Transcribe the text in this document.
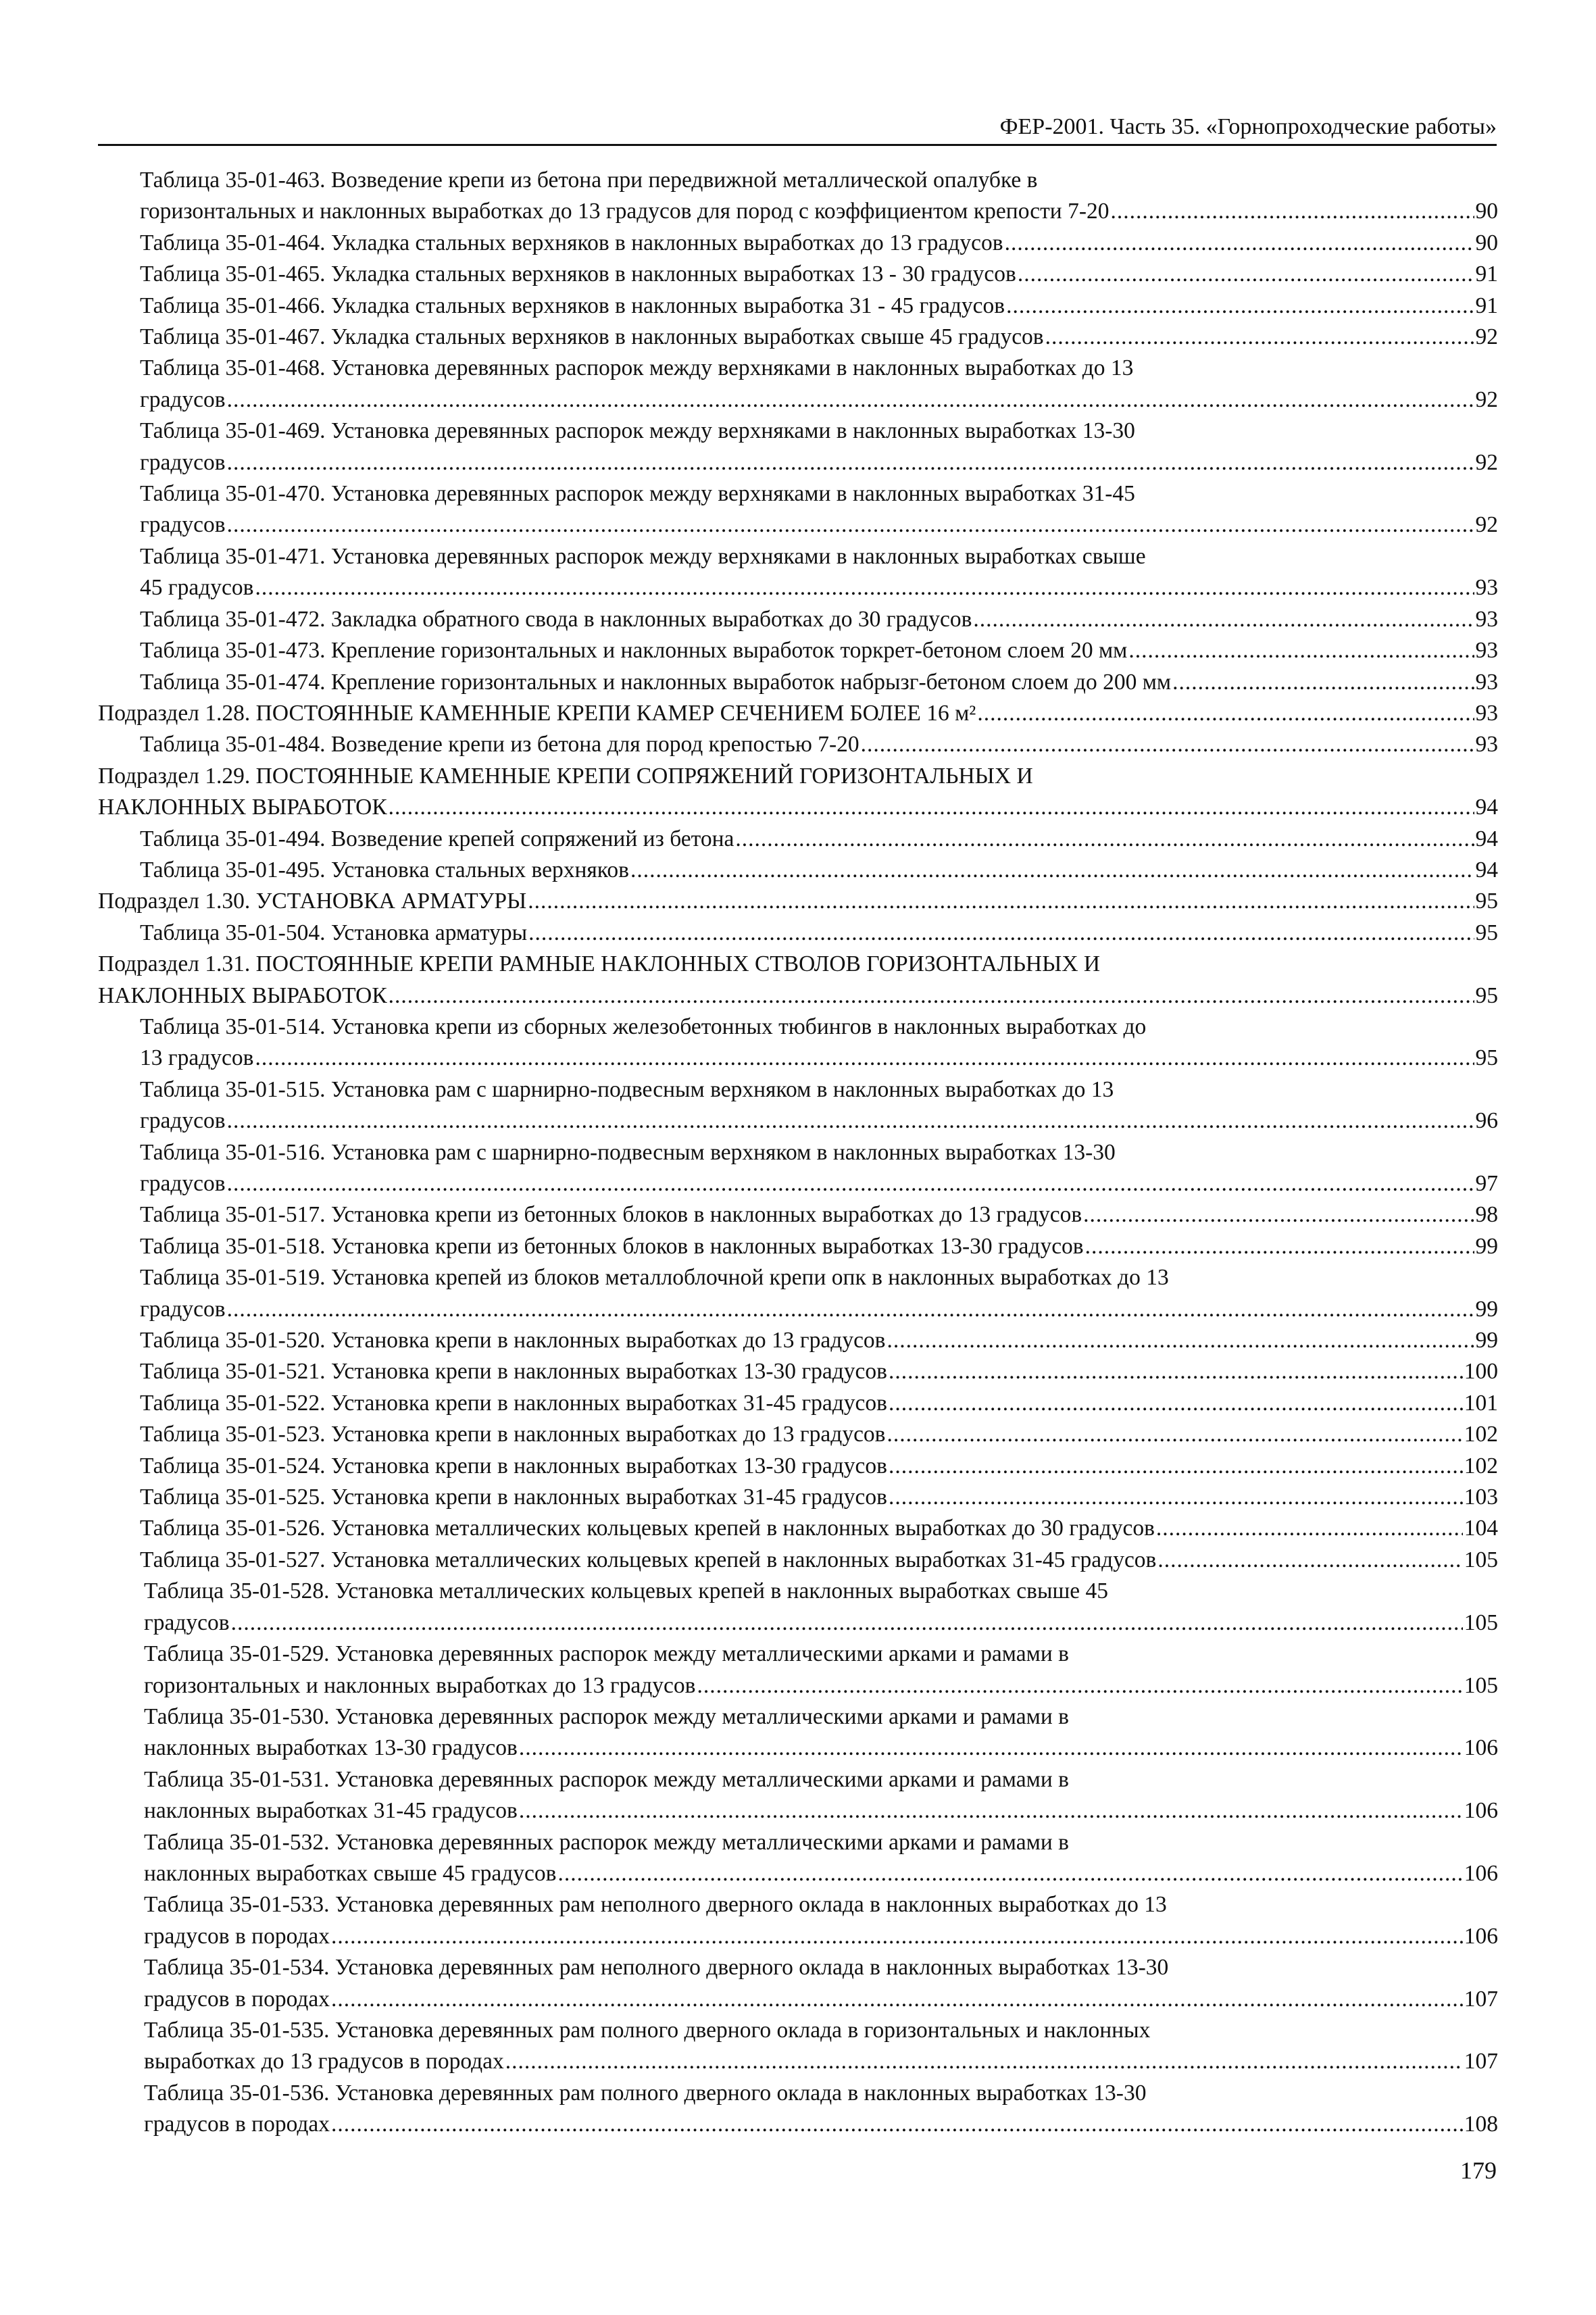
ФЕР-2001. Часть 35. «Горнопроходческие работы»
Таблица 35-01-463. Возведение крепи из бетона при передвижной металлической опалубке в
горизонтальных и наклонных выработках до 13 градусов для пород с коэффициентом крепости 7-20 .....	90
Таблица 35-01-464. Укладка стальных верхняков в наклонных выработках до 13 градусов .....	90
Таблица 35-01-465. Укладка стальных верхняков в наклонных выработках 13 - 30 градусов .....	91
Таблица 35-01-466. Укладка стальных верхняков в наклонных выработка 31 - 45 градусов .....	91
Таблица 35-01-467. Укладка стальных верхняков в наклонных выработках свыше 45 градусов .....	92
Таблица 35-01-468. Установка деревянных распорок между верхняками в наклонных выработках до 13
градусов .....	92
Таблица 35-01-469. Установка деревянных распорок между верхняками в наклонных выработках 13-30
градусов .....	92
Таблица 35-01-470. Установка деревянных распорок между верхняками в наклонных выработках 31-45
градусов .....	92
Таблица 35-01-471. Установка деревянных распорок между верхняками в наклонных выработках свыше
45 градусов .....	93
Таблица 35-01-472. Закладка обратного свода в наклонных выработках до 30 градусов .....	93
Таблица 35-01-473. Крепление горизонтальных и наклонных выработок торкрет-бетоном слоем 20 мм .....	93
Таблица 35-01-474. Крепление горизонтальных и наклонных выработок набрызг-бетоном слоем до 200 мм .....	93
Подраздел 1.28. ПОСТОЯННЫЕ КАМЕННЫЕ КРЕПИ КАМЕР СЕЧЕНИЕМ БОЛЕЕ 16 м² .....	93
Таблица 35-01-484. Возведение крепи из бетона для пород крепостью 7-20 .....	93
Подраздел 1.29. ПОСТОЯННЫЕ КАМЕННЫЕ КРЕПИ СОПРЯЖЕНИЙ ГОРИЗОНТАЛЬНЫХ И
НАКЛОННЫХ ВЫРАБОТОК .....	94
Таблица 35-01-494. Возведение крепей сопряжений из бетона .....	94
Таблица 35-01-495. Установка стальных верхняков .....	94
Подраздел 1.30. УСТАНОВКА АРМАТУРЫ .....	95
Таблица 35-01-504. Установка арматуры .....	95
Подраздел 1.31. ПОСТОЯННЫЕ КРЕПИ РАМНЫЕ НАКЛОННЫХ СТВОЛОВ ГОРИЗОНТАЛЬНЫХ И
НАКЛОННЫХ ВЫРАБОТОК .....	95
Таблица 35-01-514. Установка крепи из сборных железобетонных тюбингов в наклонных выработках до
13 градусов .....	95
Таблица 35-01-515. Установка рам с шарнирно-подвесным верхняком в наклонных выработках до 13
градусов .....	96
Таблица 35-01-516. Установка рам с шарнирно-подвесным верхняком в наклонных выработках 13-30
градусов .....	97
Таблица 35-01-517. Установка крепи из бетонных блоков в наклонных выработках до 13 градусов .....	98
Таблица 35-01-518. Установка крепи из бетонных блоков в наклонных выработках 13-30 градусов .....	99
Таблица 35-01-519. Установка крепей из блоков металлоблочной крепи опк в наклонных выработках до 13
градусов .....	99
Таблица 35-01-520. Установка крепи в наклонных выработках до 13 градусов .....	99
Таблица 35-01-521. Установка крепи в наклонных выработках 13-30 градусов .....	100
Таблица 35-01-522. Установка крепи в наклонных выработках 31-45 градусов .....	101
Таблица 35-01-523. Установка крепи в наклонных выработках до 13 градусов .....	102
Таблица 35-01-524. Установка крепи в наклонных выработках 13-30 градусов .....	102
Таблица 35-01-525. Установка крепи в наклонных выработках 31-45 градусов .....	103
Таблица 35-01-526. Установка металлических кольцевых крепей в наклонных выработках до 30 градусов .....	104
Таблица 35-01-527. Установка металлических кольцевых крепей в наклонных выработках 31-45 градусов .....	105
Таблица 35-01-528. Установка металлических кольцевых крепей в наклонных выработках свыше 45
градусов .....	105
Таблица 35-01-529. Установка деревянных распорок между металлическими арками и рамами в
горизонтальных и наклонных выработках до 13 градусов .....	105
Таблица 35-01-530. Установка деревянных распорок между металлическими арками и рамами в
наклонных выработках 13-30 градусов .....	106
Таблица 35-01-531. Установка деревянных распорок между металлическими арками и рамами в
наклонных выработках 31-45 градусов .....	106
Таблица 35-01-532. Установка деревянных распорок между металлическими арками и рамами в
наклонных выработках свыше 45 градусов .....	106
Таблица 35-01-533. Установка деревянных рам неполного дверного оклада в наклонных выработках до 13
градусов в породах .....	106
Таблица 35-01-534. Установка деревянных рам неполного дверного оклада в наклонных выработках 13-30
градусов в породах .....	107
Таблица 35-01-535. Установка деревянных рам полного дверного оклада в горизонтальных и наклонных
выработках до 13 градусов в породах .....	107
Таблица 35-01-536. Установка деревянных рам полного дверного оклада в наклонных выработках 13-30
градусов в породах .....	108
179
